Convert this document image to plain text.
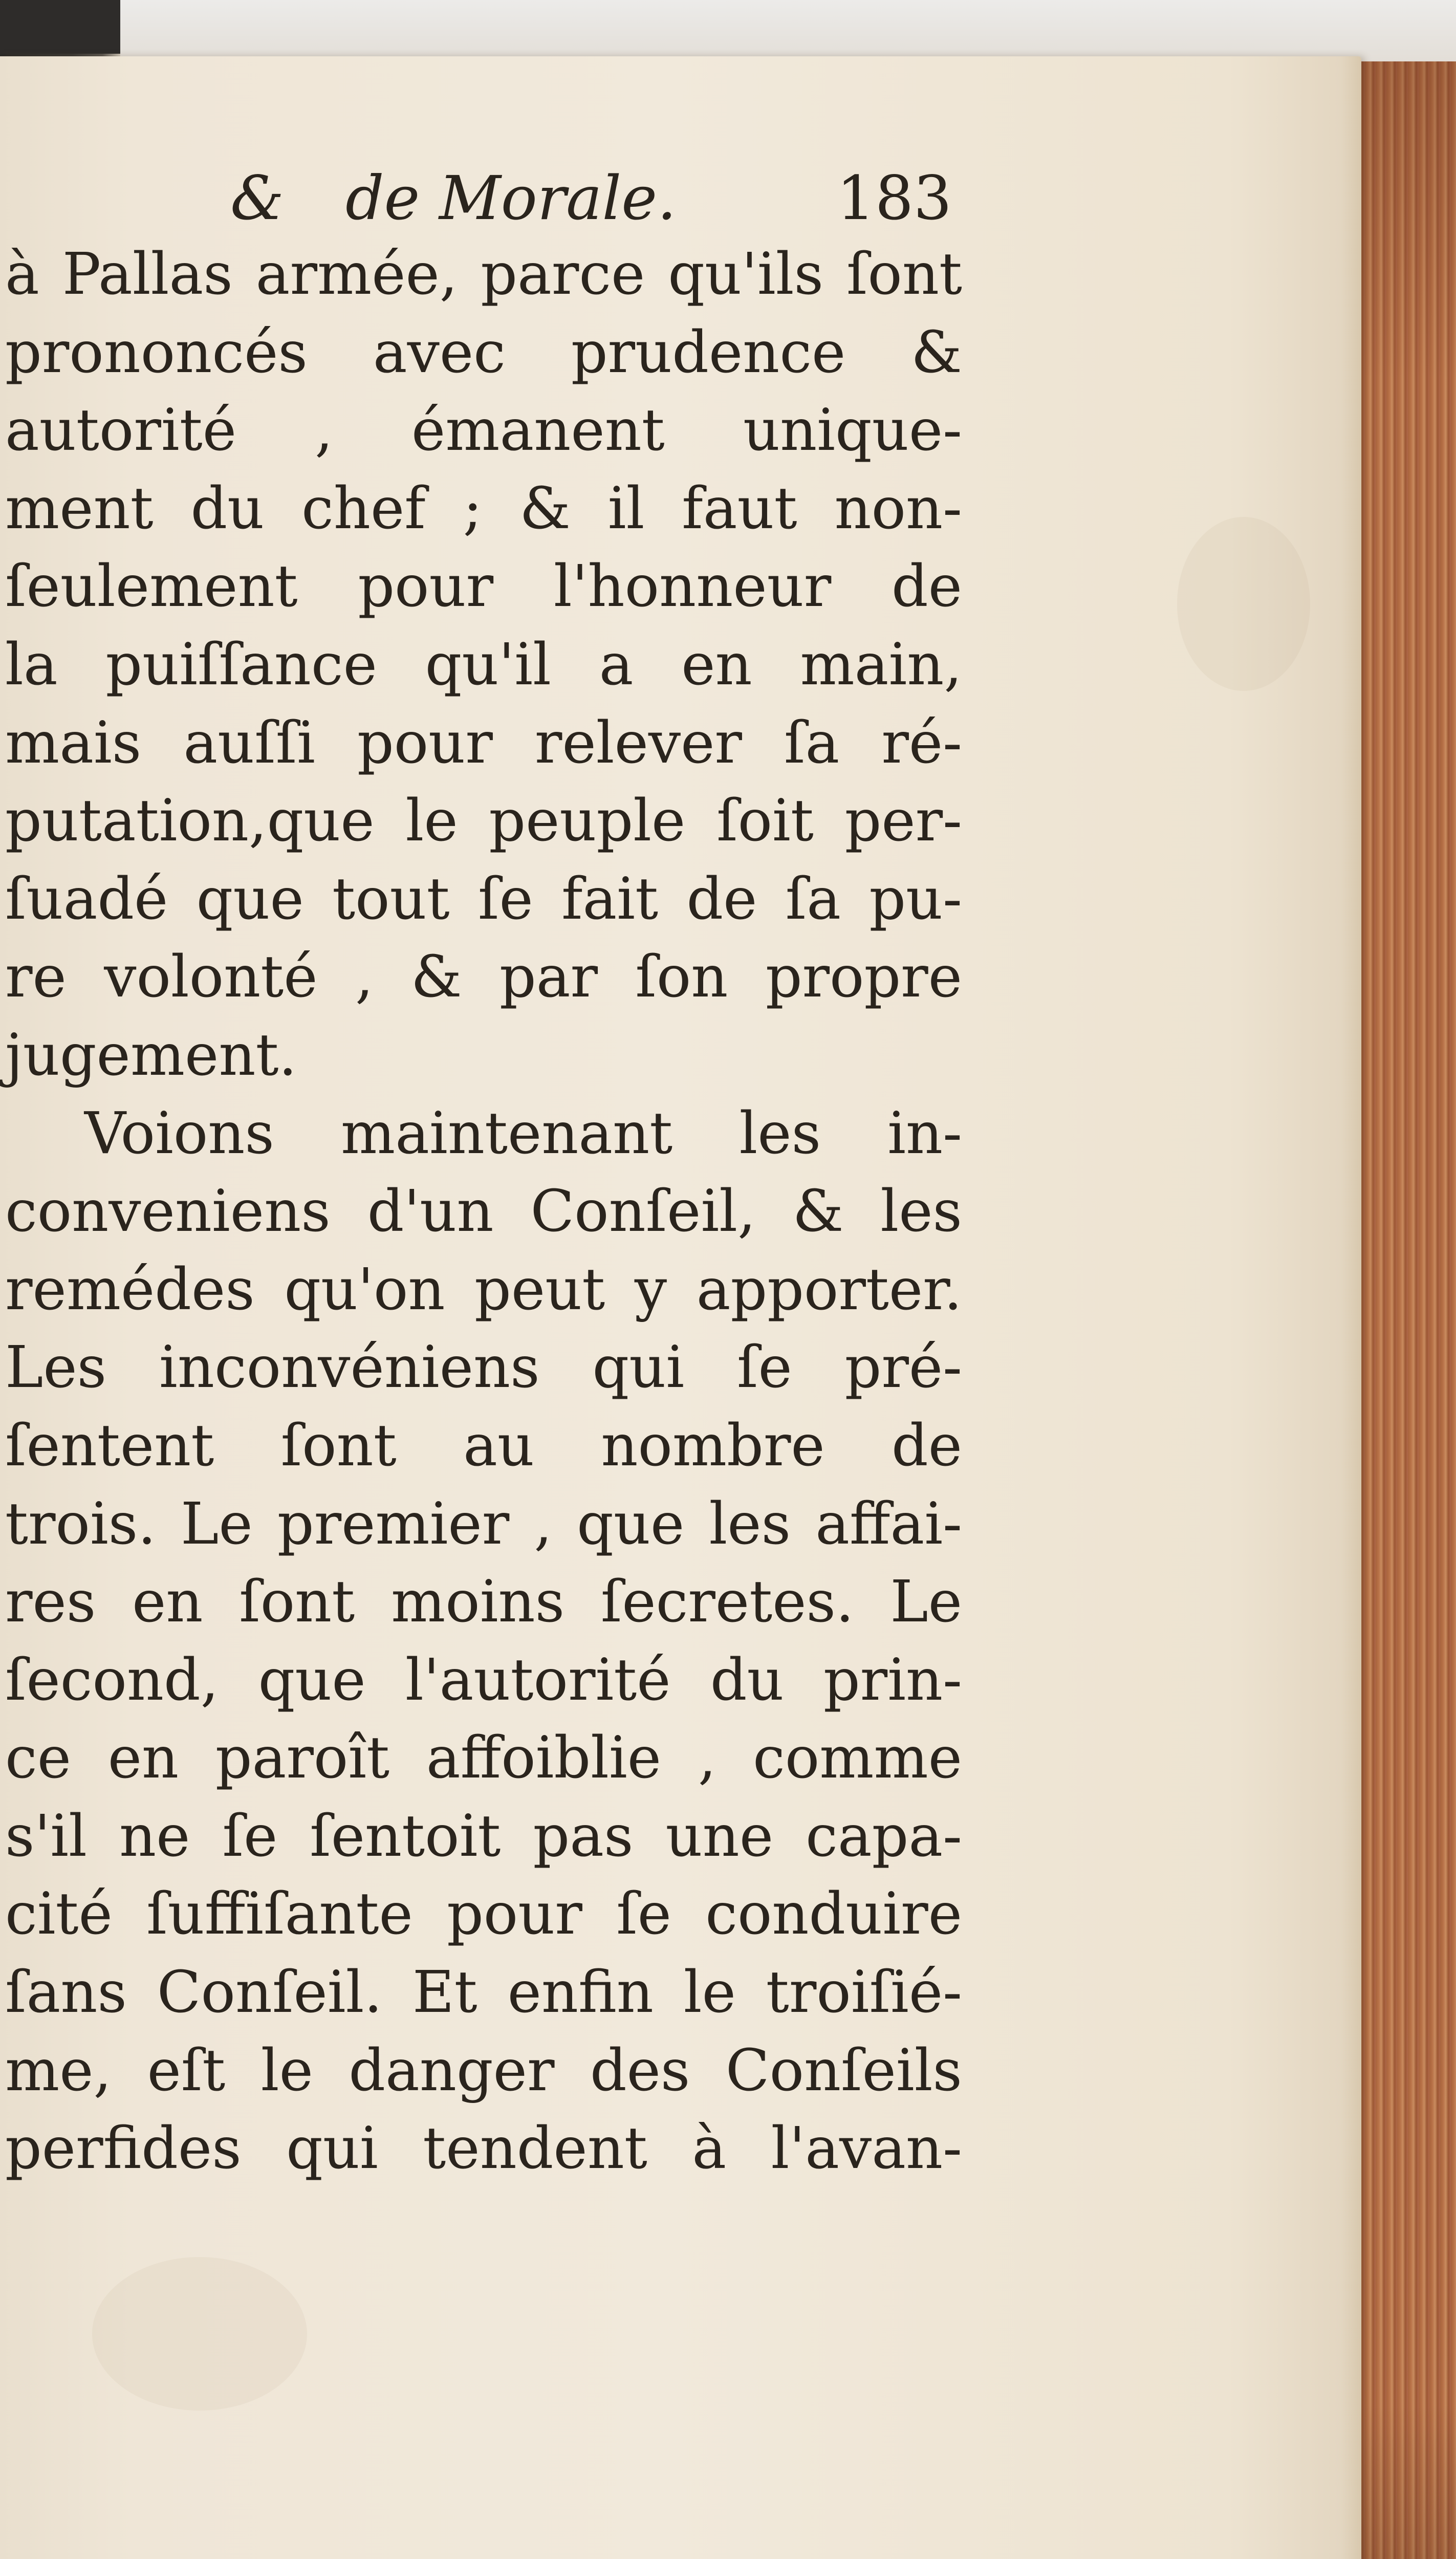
& de Morale.	183
à Pallas armée, parce qu'ils ſont
prononcés avec prudence &
autorité , émanent unique-
ment du chef ; & il faut non-
ſeulement pour l'honneur de
la puiſſance qu'il a en main,
mais auſſi pour relever ſa ré-
putation,que le peuple ſoit per-
ſuadé que tout ſe fait de ſa pu-
re volonté , & par ſon propre
jugement.
Voions maintenant les in-
conveniens d'un Conſeil, & les
remédes qu'on peut y apporter.
Les inconvéniens qui ſe pré-
ſentent ſont au nombre de
trois. Le premier , que les affai-
res en ſont moins ſecretes. Le
ſecond, que l'autorité du prin-
ce en paroît affoiblie , comme
s'il ne ſe ſentoit pas une capa-
cité ſuffiſante pour ſe conduire
ſans Conſeil. Et enfin le troiſié-
me, eſt le danger des Conſeils
perfides qui tendent à l'avan-
